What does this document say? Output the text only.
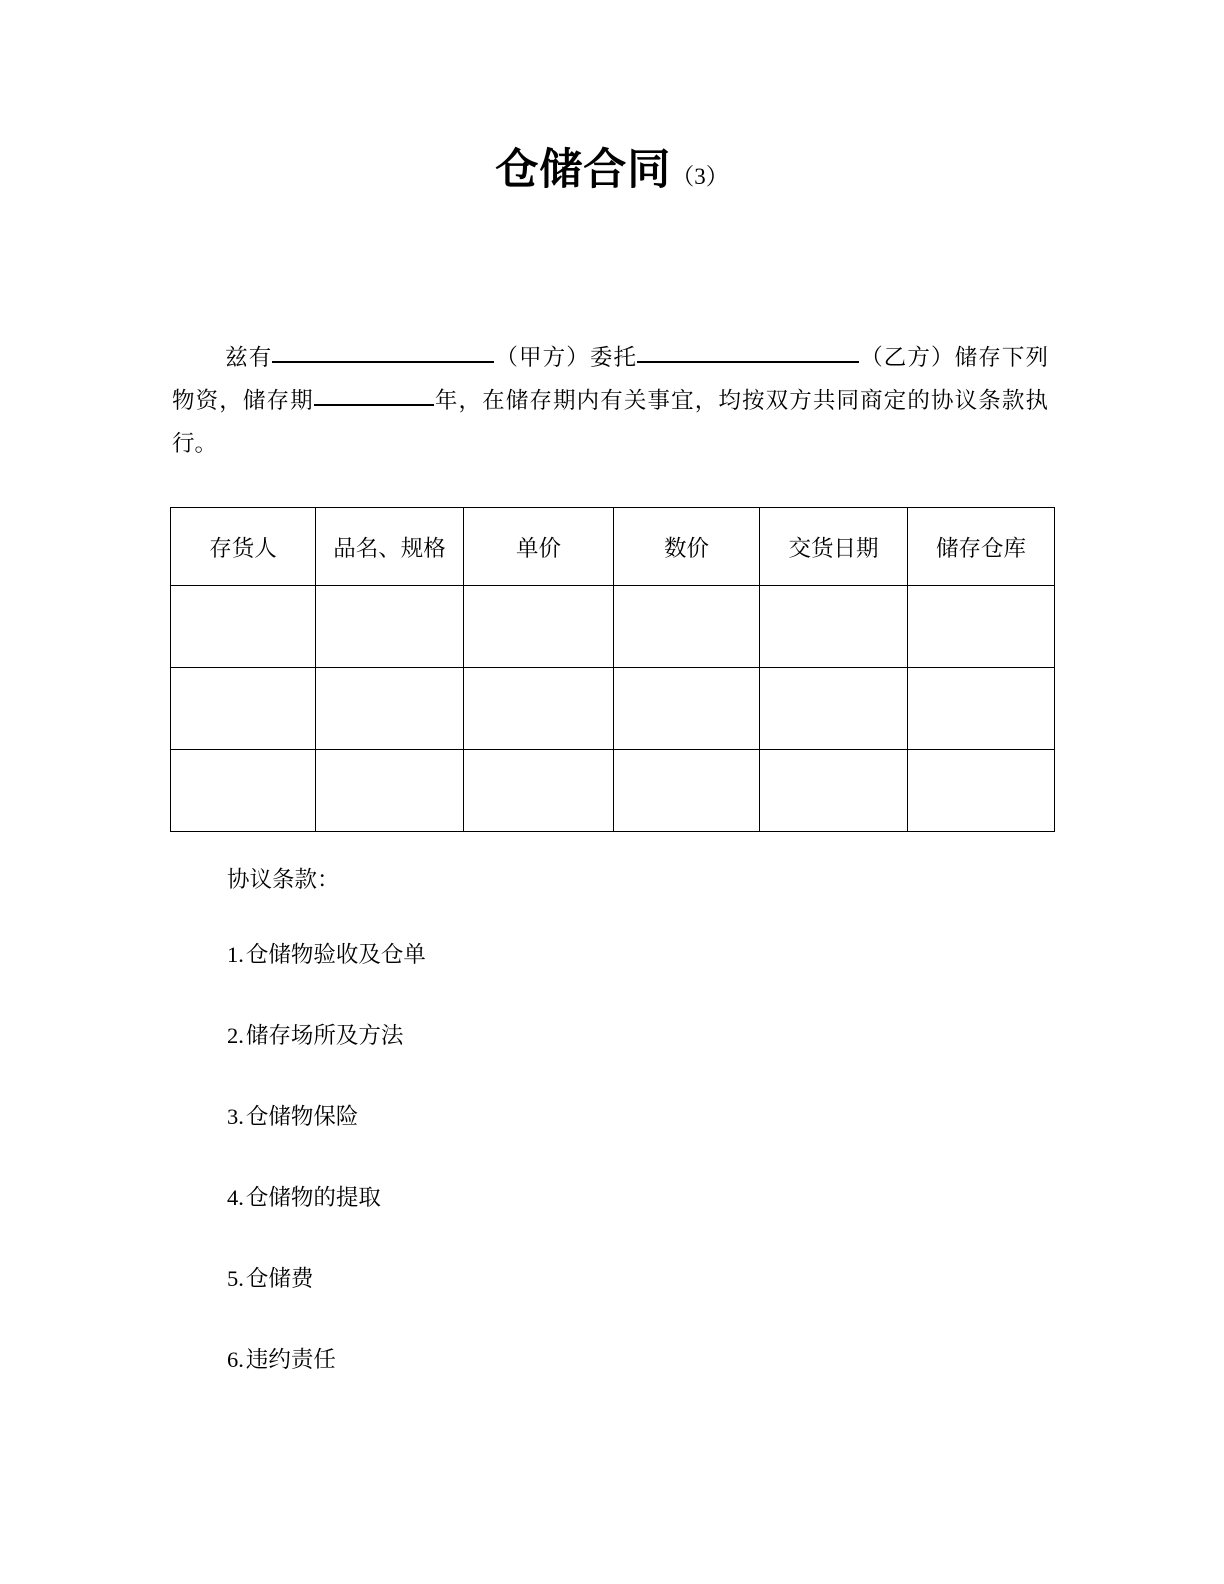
仓储合同（3）
兹有	（甲方）委托	（乙方）储存下列物资，储存期	年，在储存期内有关事宜，均按双方共同商定的协议条款执行。
存货人	品名、规格	单价	数价	交货日期	储存仓库

协议条款：
1.仓储物验收及仓单
2.储存场所及方法
3.仓储物保险
4.仓储物的提取
5.仓储费
6.违约责任
